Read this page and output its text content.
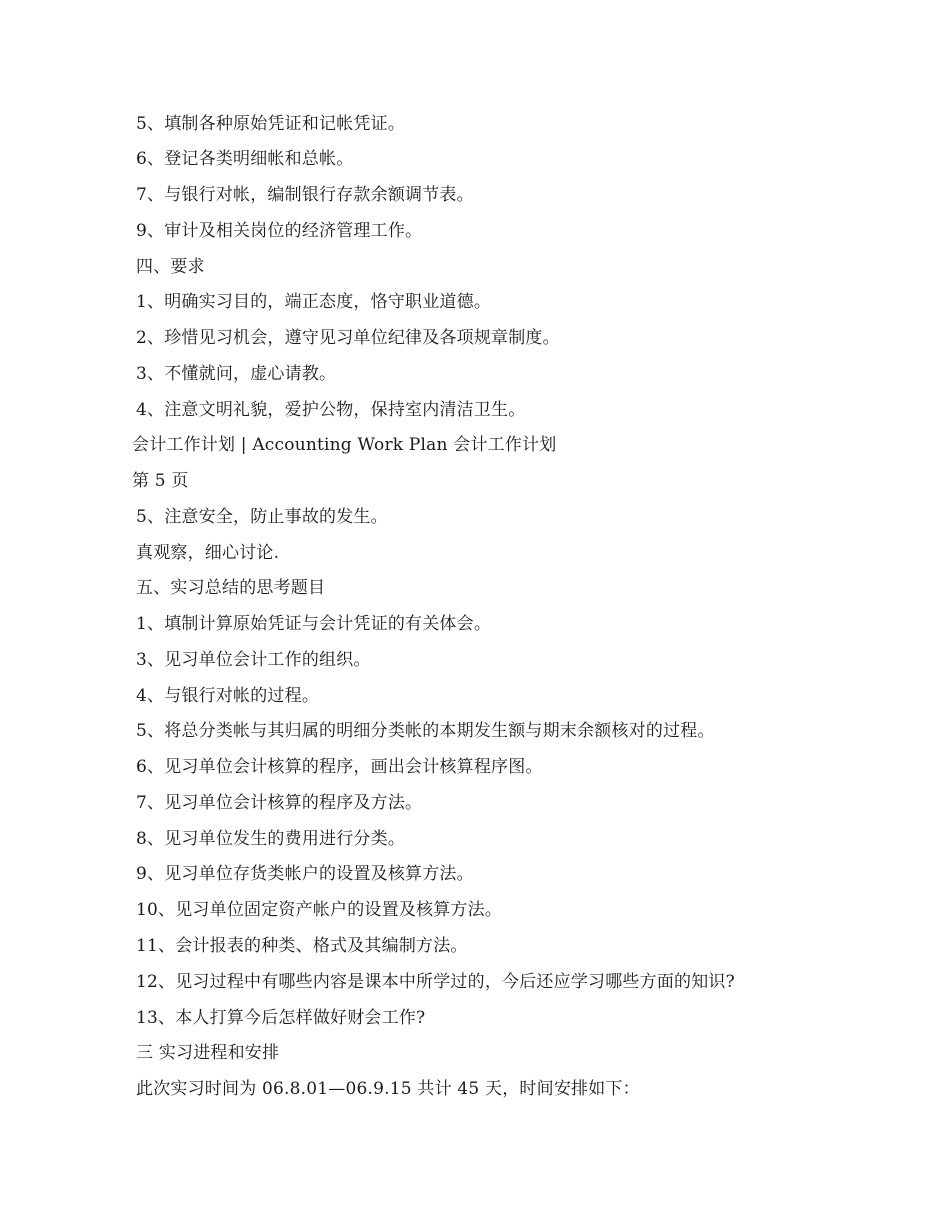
5、填制各种原始凭证和记帐凭证。
6、登记各类明细帐和总帐。
7、与银行对帐，编制银行存款余额调节表。
9、审计及相关岗位的经济管理工作。
四、要求
1、明确实习目的，端正态度，恪守职业道德。
2、珍惜见习机会，遵守见习单位纪律及各项规章制度。
3、不懂就问，虚心请教。
4、注意文明礼貌，爱护公物，保持室内清洁卫生。
会计工作计划 | Accounting Work Plan 会计工作计划
第 5 页
5、注意安全，防止事故的发生。
真观察，细心讨论.
五、实习总结的思考题目
1、填制计算原始凭证与会计凭证的有关体会。
3、见习单位会计工作的组织。
4、与银行对帐的过程。
5、将总分类帐与其归属的明细分类帐的本期发生额与期末余额核对的过程。
6、见习单位会计核算的程序，画出会计核算程序图。
7、见习单位会计核算的程序及方法。
8、见习单位发生的费用进行分类。
9、见习单位存货类帐户的设置及核算方法。
10、见习单位固定资产帐户的设置及核算方法。
11、会计报表的种类、格式及其编制方法。
12、见习过程中有哪些内容是课本中所学过的，今后还应学习哪些方面的知识?
13、本人打算今后怎样做好财会工作?
三 实习进程和安排
此次实习时间为 06.8.01—06.9.15 共计 45 天，时间安排如下：
